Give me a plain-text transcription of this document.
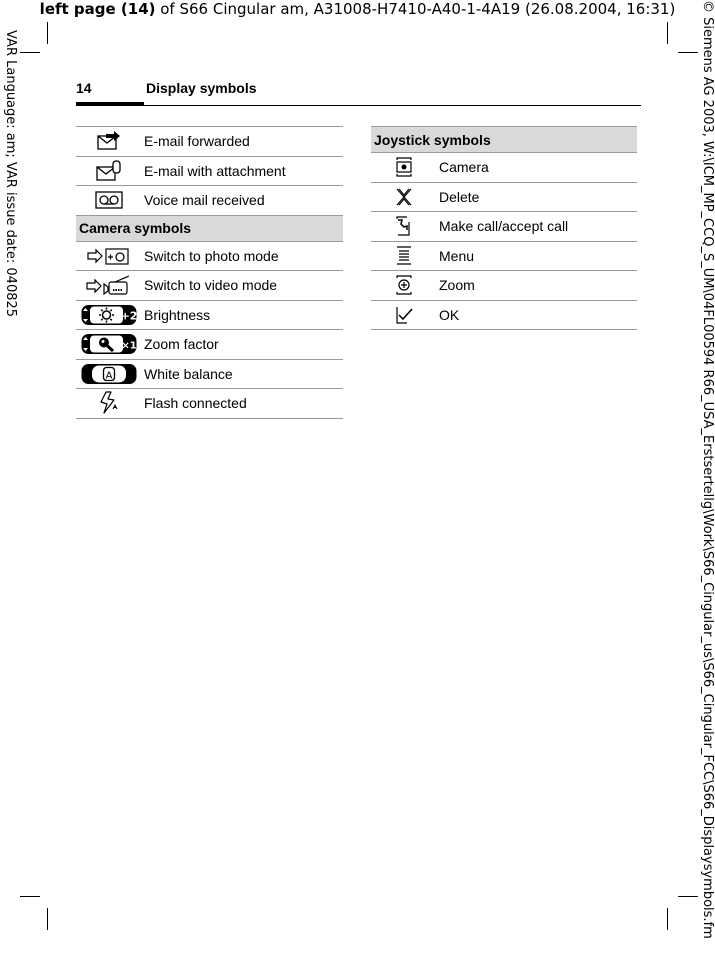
left page (14) of S66 Cingular am, A31008-H7410-A40-1-4A19 (26.08.2004, 16:31)
VAR Language: am; VAR issue date: 040825	© Siemens AG 2003, W:\ICM_MP_CCQ_S_UM\04FL00594 R66_USA_Erstsertellg\Work\S66_Cingular_us\S66_Cingular_FCC\S66_Displaysymbols.fm
14	Display symbols
	E-mail forwarded

	E-mail with attachment

	Voice mail received
Camera symbols	

	Switch to photo mode

	Switch to video mode

+2	Brightness

×1	Zoom factor

A	White balance

	Flash connected
Joystick symbols	

	Camera

	Delete

	Make call/accept call

	Menu

	Zoom

	OK
